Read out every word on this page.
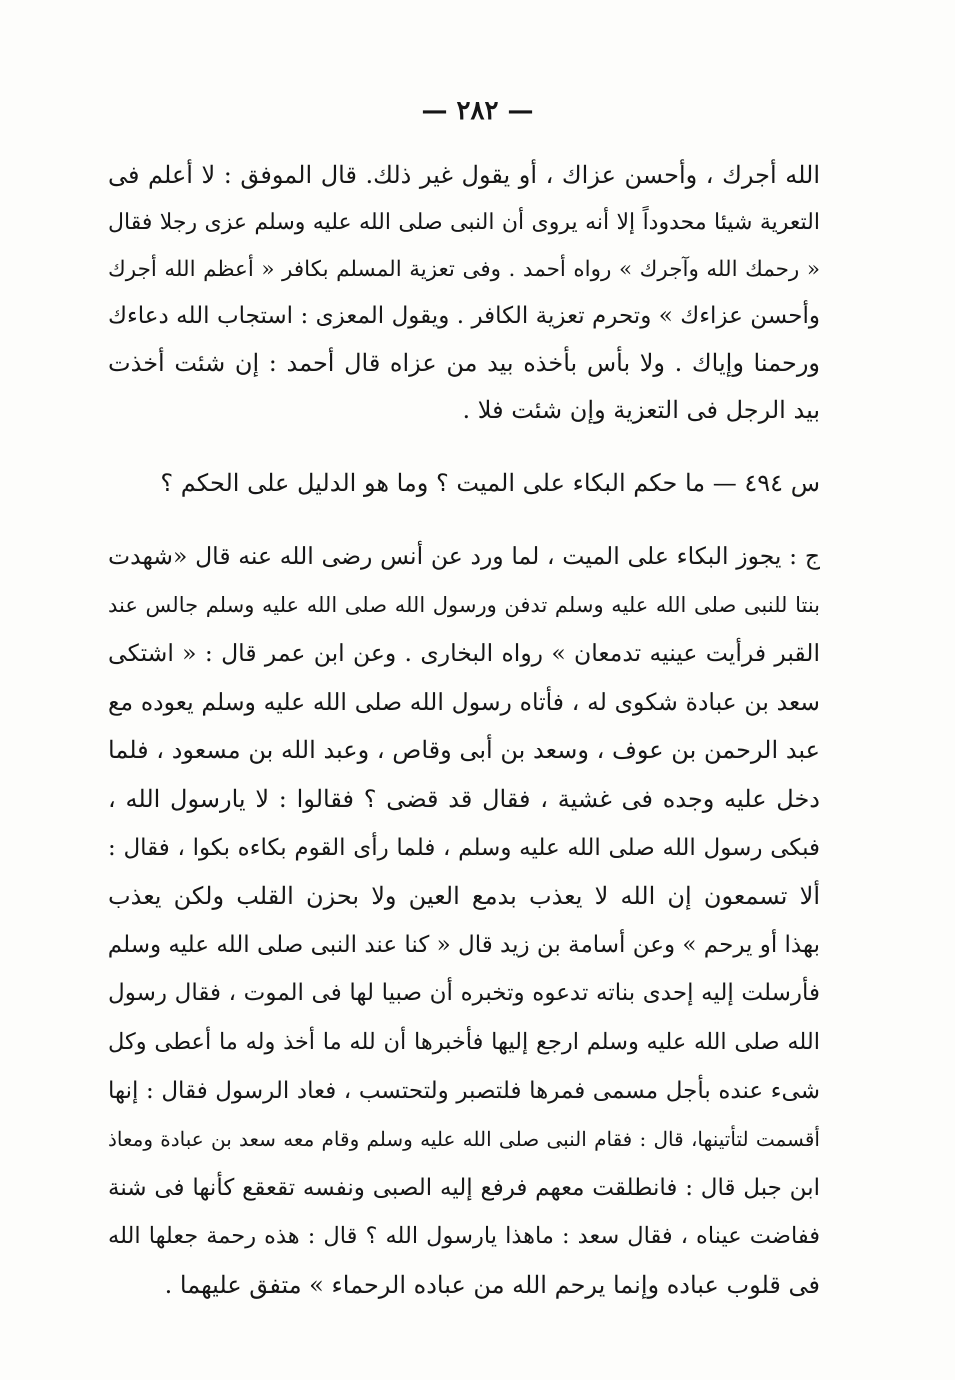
— ٢٨٢ —
الله أجرك ، وأحسن عزاك ، أو يقول غير ذلك. قال الموفق : لا أعلم فى
التعرية شيئا محدوداً إلا أنه يروى أن النبى صلى الله عليه وسلم عزى رجلا فقال
« رحمك الله وآجرك » رواه أحمد . وفى تعزية المسلم بكافر « أعظم الله أجرك
وأحسن عزاءك » وتحرم تعزية الكافر . ويقول المعزى : استجاب الله دعاءك
ورحمنا وإياك . ولا بأس بأخذه بيد من عزاه قال أحمد : إن شئت أخذت
بيد الرجل فى التعزية وإن شئت فلا .
س ٤٩٤ — ما حكم البكاء على الميت ؟ وما هو الدليل على الحكم ؟
ج : يجوز البكاء على الميت ، لما ورد عن أنس رضى الله عنه قال «شهدت
بنتا للنبى صلى الله عليه وسلم تدفن ورسول الله صلى الله عليه وسلم جالس عند
القبر فرأيت عينيه تدمعان » رواه البخارى . وعن ابن عمر قال : « اشتكى
سعد بن عبادة شكوى له ، فأتاه رسول الله صلى الله عليه وسلم يعوده مع
عبد الرحمن بن عوف ، وسعد بن أبى وقاص ، وعبد الله بن مسعود ، فلما
دخل عليه وجده فى غشية ، فقال قد قضى ؟ فقالوا : لا يارسول الله ،
فبكى رسول الله صلى الله عليه وسلم ، فلما رأى القوم بكاءه بكوا ، فقال :
ألا تسمعون إن الله لا يعذب بدمع العين ولا بحزن القلب ولكن يعذب
بهذا أو يرحم » وعن أسامة بن زيد قال « كنا عند النبى صلى الله عليه وسلم
فأرسلت إليه إحدى بناته تدعوه وتخبره أن صبيا لها فى الموت ، فقال رسول
الله صلى الله عليه وسلم ارجع إليها فأخبرها أن لله ما أخذ وله ما أعطى وكل
شىء عنده بأجل مسمى فمرها فلتصبر ولتحتسب ، فعاد الرسول فقال : إنها
أقسمت لتأتينها، قال : فقام النبى صلى الله عليه وسلم وقام معه سعد بن عبادة ومعاذ
ابن جبل قال : فانطلقت معهم فرفع إليه الصبى ونفسه تقعقع كأنها فى شنة
ففاضت عيناه ، فقال سعد : ماهذا يارسول الله ؟ قال : هذه رحمة جعلها الله
فى قلوب عباده وإنما يرحم الله من عباده الرحماء » متفق عليهما .
